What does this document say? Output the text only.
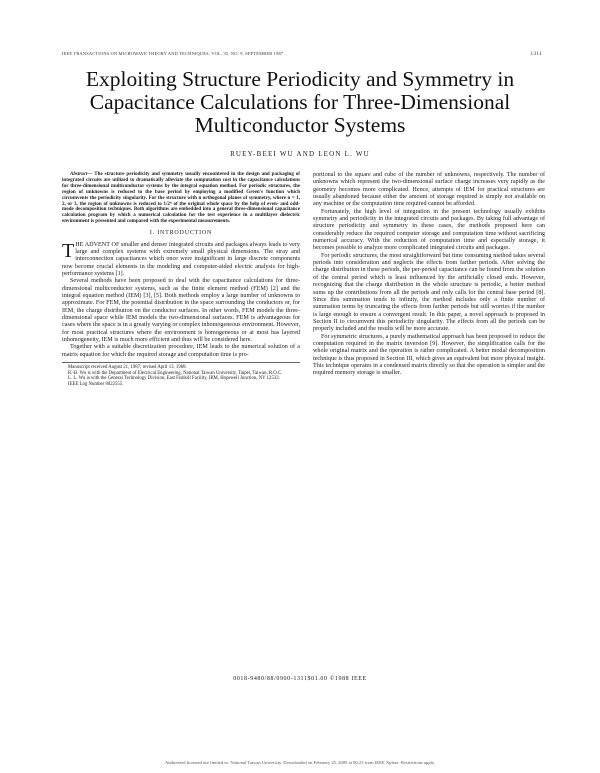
IEEE TRANSACTIONS ON MICROWAVE THEORY AND TECHNIQUES, VOL. 35, NO. 9, SEPTEMBER 1987	1311
Exploiting Structure Periodicity and Symmetry in
Capacitance Calculations for Three-Dimensional
Multiconductor Systems
RUEY-BEEI WU AND LEON L. WU

Abstract— The structure periodicity and symmetry usually encountered in the design and packaging of integrated circuits are utilized to dramatically alleviate the computation cost in the capacitance calculations for three-dimensional multiconductor systems by the integral equation method. For periodic structures, the region of unknowns is reduced to the base period by employing a modified Green's function which circumvents the periodicity singularity. For the structure with n orthogonal planes of symmetry, where n = 1, 2, or 3, the region of unknowns is reduced to 1/2ⁿ of the original whole space by the help of even- and odd-mode decomposition techniques. Both algorithms are embedded into a general three-dimensional capacitance calculation program by which a numerical calculation for the test experience in a multilayer dielectric environment is presented and compared with the experimental measurements.

I. INTRODUCTION

THE ADVENT OF smaller and denser integrated circuits and packages always leads to very large and complex systems with extremely small physical dimensions. The stray and interconnection capacitances which once were insignificant in large discrete components now become crucial elements in the modeling and computer-aided electric analysis for high-performance systems [1].

Several methods have been proposed to deal with the capacitance calculations for three-dimensional multiconductor systems, such as the finite element method (FEM) [2] and the integral equation method (IEM) [3], [5]. Both methods employ a large number of unknowns to approximate. For FEM, the potential distribution in the space surrounding the conductors or, for IEM, the charge distribution on the conductor surfaces. In other words, FEM models the three-dimensional space while IEM models the two-dimensional surfaces. FEM is advantageous for cases where the space is in a greatly varying or complex inhomogeneous environment. However, for most practical structures where the environment is homogeneous or at most has layered inhomogeneity, IEM is much more efficient and thus will be considered here.

Together with a suitable discretization procedure, IEM leads to the numerical solution of a matrix equation for which the required storage and computation time is pro-

Manuscript received August 21, 1987; revised April 13, 1988.

R.-B. Wu is with the Department of Electrical Engineering, National Taiwan University, Taipei, Taiwan, R.O.C.

L. L. Wu is with the General Technology Division, East Fishkill Facility, IBM, Hopewell Junction, NY 12533.

IEEE Log Number 8822555.

portional to the square and cube of the number of unknowns, respectively. The number of unknowns which represent the two-dimensional surface charge increases very rapidly as the geometry becomes more complicated. Hence, attempts of IEM for practical structures are usually abandoned because either the amount of storage required is simply not available on any machine or the computation time required cannot be afforded.

Fortunately, the high level of integration in the present technology usually exhibits symmetry and periodicity in the integrated circuits and packages. By taking full advantage of structure periodicity and symmetry in these cases, the methods proposed here can considerably reduce the required computer storage and computation time without sacrificing numerical accuracy. With the reduction of computation time and especially storage, it becomes possible to analyze more complicated integrated circuits and packages.

For periodic structures, the most straightforward but time consuming method takes several periods into consideration and neglects the effects from farther periods. After solving the charge distribution in these periods, the per-period capacitance can be found from the solution of the central period which is least influenced by the artificially closed ends. However, recognizing that the charge distribution in the whole structure is periodic, a better method sums up the contributions from all the periods and only calls for the central base period [8]. Since this summation tends to infinity, the method includes only a finite number of summation terms by truncating the effects from farther periods but still worries if the number is large enough to ensure a convergent result. In this paper, a novel approach is proposed in Section II to circumvent this periodicity singularity. The effects from all the periods can be properly included and the results will be more accurate.

For symmetric structures, a purely mathematical approach has been proposed to reduce the computation required in the matrix inversion [9]. However, the simplification calls for the whole original matrix and the operation is rather complicated. A better modal decomposition technique is thus proposed in Section III, which gives an equivalent but more physical insight. This technique operates in a condensed matrix directly so that the operation is simpler and the required memory storage is smaller.

0018-9480/88/0900-1311$01.00 ©1988 IEEE
Authorized licensed use limited to: National Taiwan University. Downloaded on February 25, 2009 at 00:23 from IEEE Xplore. Restrictions apply.
